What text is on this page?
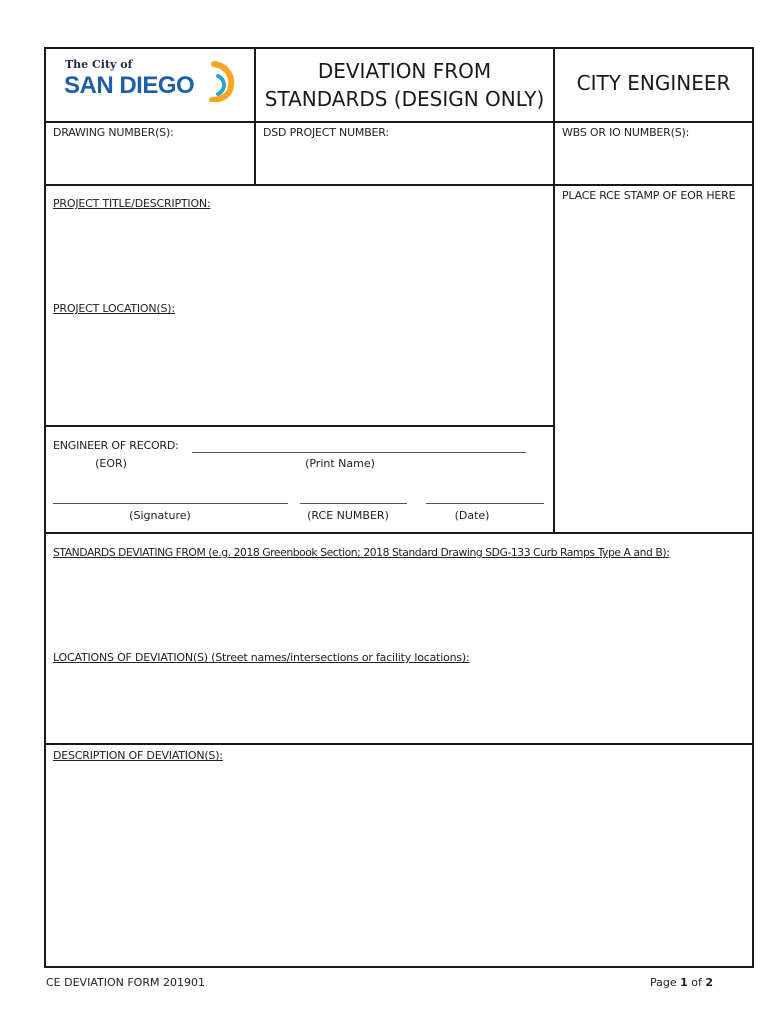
The City of
SAN DIEGO
DEVIATION FROM
STANDARDS (DESIGN ONLY)
CITY ENGINEER
DRAWING NUMBER(S):	DSD PROJECT NUMBER:	WBS OR IO NUMBER(S):
PROJECT TITLE/DESCRIPTION:
PLACE RCE STAMP OF EOR HERE
PROJECT LOCATION(S):
ENGINEER OF RECORD:
(EOR)	(Print Name)
(Signature)	(RCE NUMBER)	(Date)
STANDARDS DEVIATING FROM (e.g. 2018 Greenbook Section; 2018 Standard Drawing SDG-133 Curb Ramps Type A and B):
LOCATIONS OF DEVIATION(S) (Street names/intersections or facility locations):
DESCRIPTION OF DEVIATION(S):
CE DEVIATION FORM 201901	Page 1 of 2
